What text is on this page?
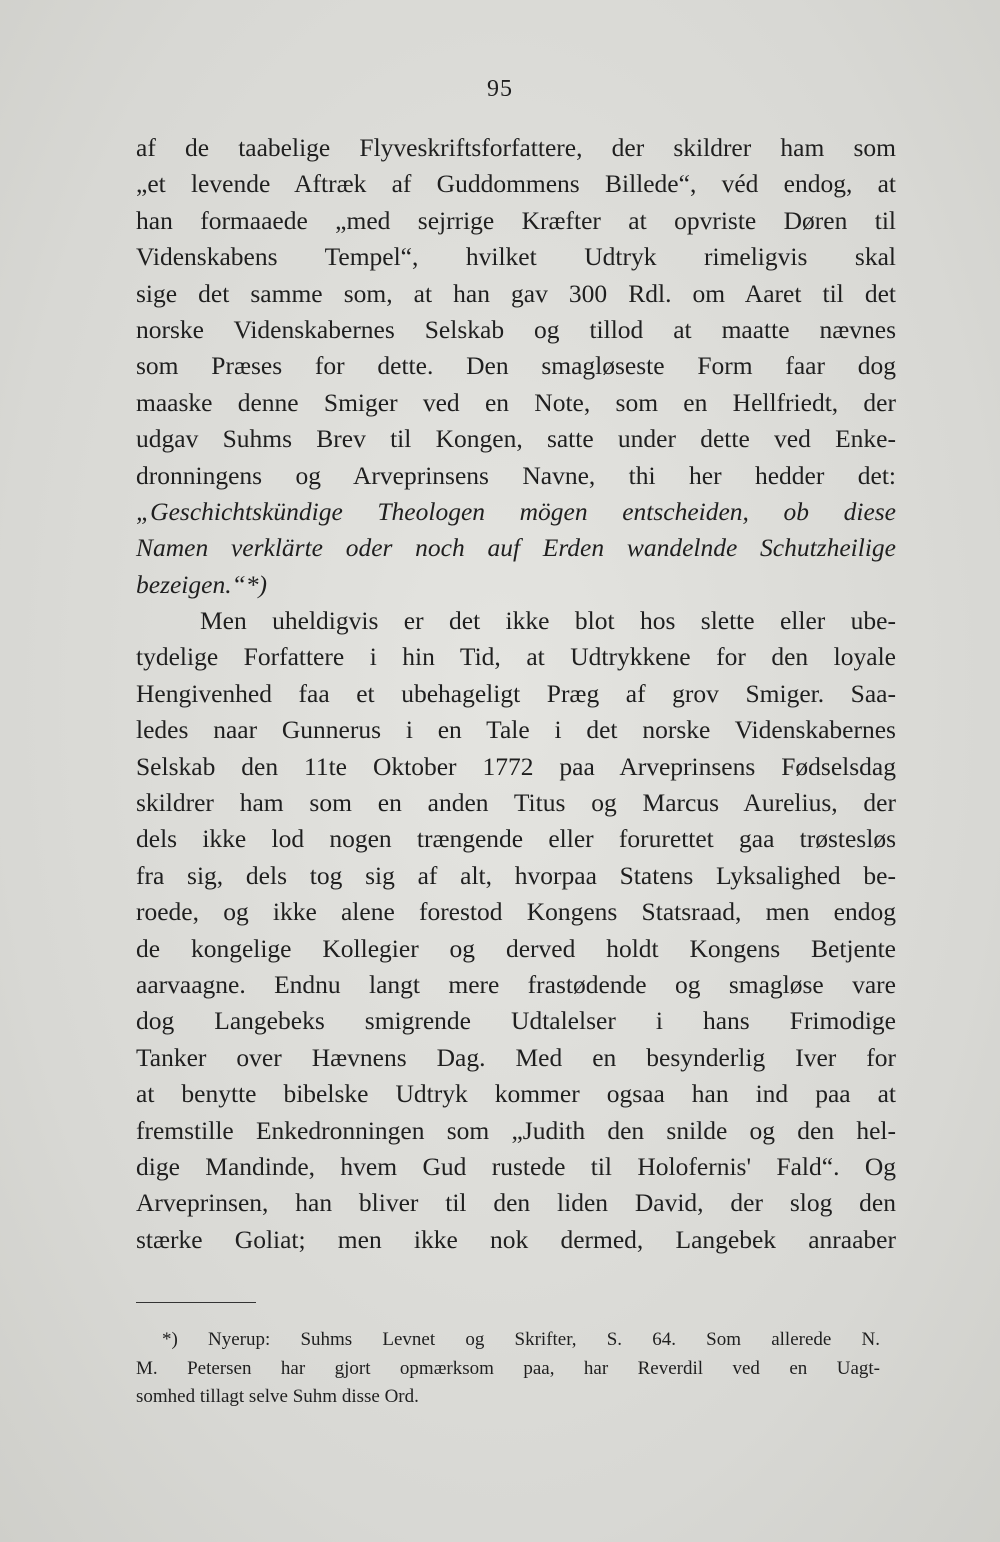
95
af de taabelige Flyveskriftsforfattere, der skildrer ham som
„et levende Aftræk af Guddommens Billede“, véd endog, at
han formaaede „med sejrrige Kræfter at opvriste Døren til
Videnskabens Tempel“, hvilket Udtryk rimeligvis skal
sige det samme som, at han gav 300 Rdl. om Aaret til det
norske Videnskabernes Selskab og tillod at maatte nævnes
som Præses for dette. Den smagløseste Form faar dog
maaske denne Smiger ved en Note, som en Hellfriedt, der
udgav Suhms Brev til Kongen, satte under dette ved Enke-
dronningens og Arveprinsens Navne, thi her hedder det:
„Geschichtskündige Theologen mögen entscheiden, ob diese
Namen verklärte oder noch auf Erden wandelnde Schutzheilige
bezeigen.“*)
Men uheldigvis er det ikke blot hos slette eller ube-
tydelige Forfattere i hin Tid, at Udtrykkene for den loyale
Hengivenhed faa et ubehageligt Præg af grov Smiger. Saa-
ledes naar Gunnerus i en Tale i det norske Videnskabernes
Selskab den 11te Oktober 1772 paa Arveprinsens Fødselsdag
skildrer ham som en anden Titus og Marcus Aurelius, der
dels ikke lod nogen trængende eller forurettet gaa trøstesløs
fra sig, dels tog sig af alt, hvorpaa Statens Lyksalighed be-
roede, og ikke alene forestod Kongens Statsraad, men endog
de kongelige Kollegier og derved holdt Kongens Betjente
aarvaagne. Endnu langt mere frastødende og smagløse vare
dog Langebeks smigrende Udtalelser i hans Frimodige
Tanker over Hævnens Dag. Med en besynderlig Iver for
at benytte bibelske Udtryk kommer ogsaa han ind paa at
fremstille Enkedronningen som „Judith den snilde og den hel-
dige Mandinde, hvem Gud rustede til Holofernis' Fald“. Og
Arveprinsen, han bliver til den liden David, der slog den
stærke Goliat; men ikke nok dermed, Langebek anraaber
*) Nyerup: Suhms Levnet og Skrifter, S. 64. Som allerede N.
M. Petersen har gjort opmærksom paa, har Reverdil ved en Uagt-
somhed tillagt selve Suhm disse Ord.
